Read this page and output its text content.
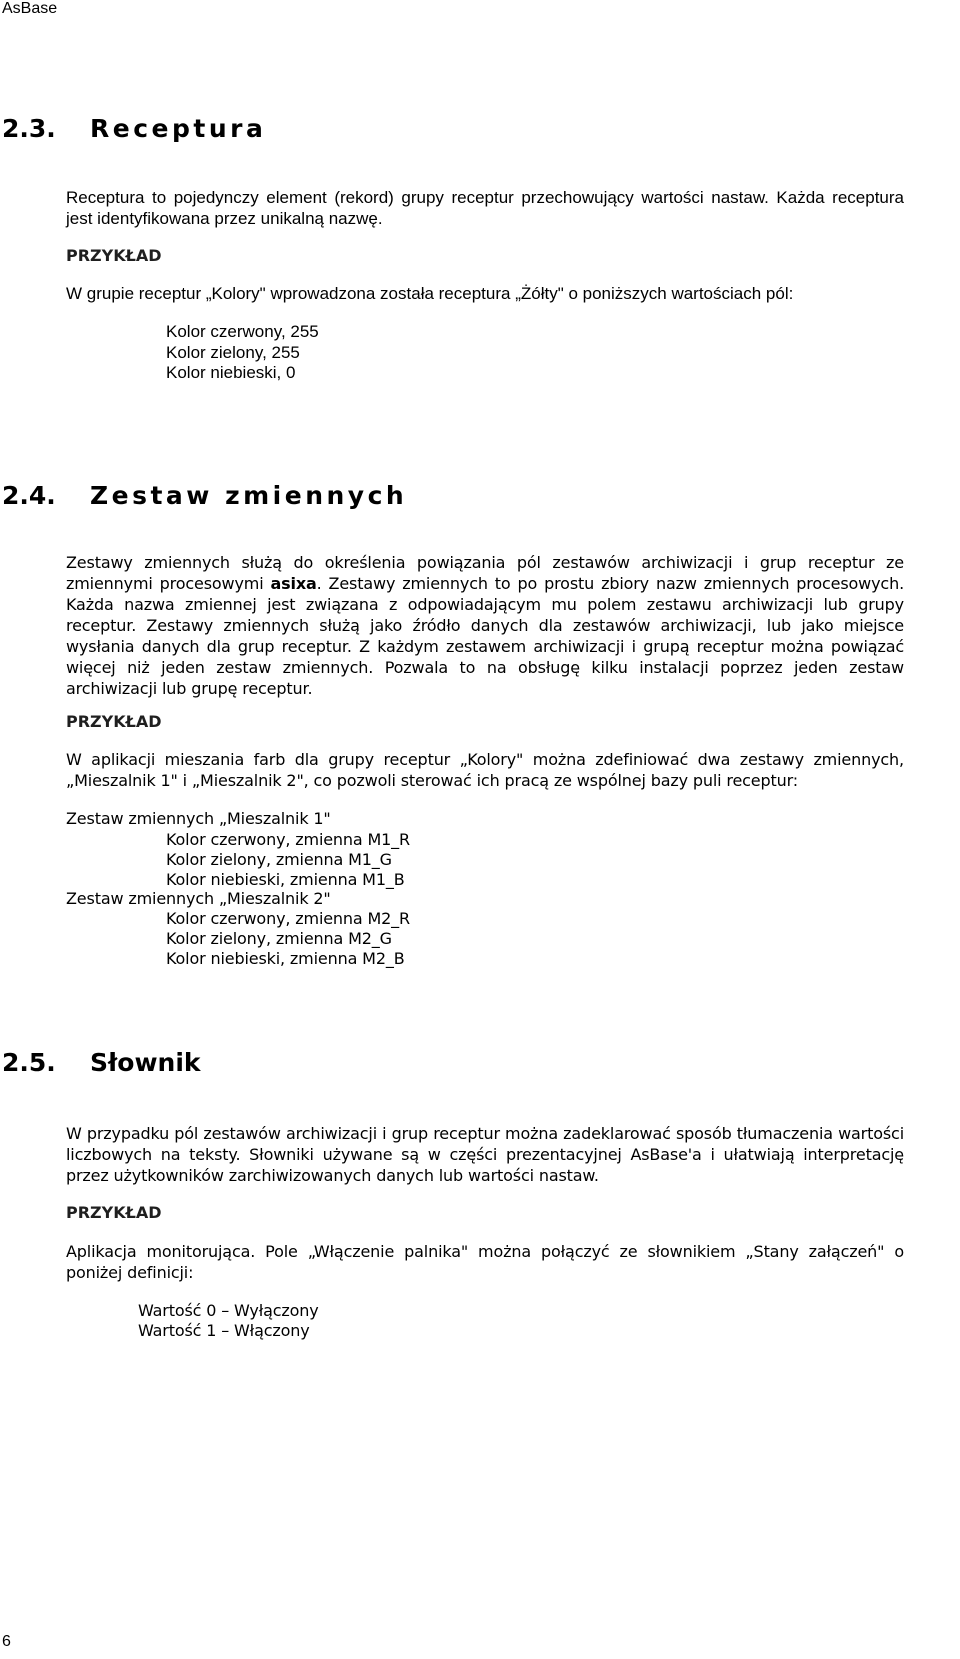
AsBase
2.3. Receptura

Receptura to pojedynczy element (rekord) grupy receptur przechowujący wartości nastaw. Każda receptura jest identyfikowana przez unikalną nazwę.

PRZYKŁAD

W grupie receptur „Kolory" wprowadzona została receptura „Żółty" o poniższych wartościach pól:

Kolor czerwony, 255

Kolor zielony, 255

Kolor niebieski, 0

2.4. Zestaw zmiennych

Zestawy zmiennych służą do określenia powiązania pól zestawów archiwizacji i grup receptur ze zmiennymi procesowymi asixa. Zestawy zmiennych to po prostu zbiory nazw zmiennych procesowych. Każda nazwa zmiennej jest związana z odpowiadającym mu polem zestawu archiwizacji lub grupy receptur. Zestawy zmiennych służą jako źródło danych dla zestawów archiwizacji, lub jako miejsce wysłania danych dla grup receptur. Z każdym zestawem archiwizacji i grupą receptur można powiązać więcej niż jeden zestaw zmiennych. Pozwala to na obsługę kilku instalacji poprzez jeden zestaw archiwizacji lub grupę receptur.

PRZYKŁAD

W aplikacji mieszania farb dla grupy receptur „Kolory" można zdefiniować dwa zestawy zmiennych, „Mieszalnik 1" i „Mieszalnik 2", co pozwoli sterować ich pracą ze wspólnej bazy puli receptur:

Zestaw zmiennych „Mieszalnik 1"

Kolor czerwony, zmienna M1_R

Kolor zielony, zmienna M1_G

Kolor niebieski, zmienna M1_B

Zestaw zmiennych „Mieszalnik 2"

Kolor czerwony, zmienna M2_R

Kolor zielony, zmienna M2_G

Kolor niebieski, zmienna M2_B

2.5. Słownik

W przypadku pól zestawów archiwizacji i grup receptur można zadeklarować sposób tłumaczenia wartości liczbowych na teksty. Słowniki używane są w części prezentacyjnej AsBase'a i ułatwiają interpretację przez użytkowników zarchiwizowanych danych lub wartości nastaw.

PRZYKŁAD

Aplikacja monitorująca. Pole „Włączenie palnika" można połączyć ze słownikiem „Stany załączeń" o poniżej definicji:

Wartość 0 – Wyłączony

Wartość 1 – Włączony

6
